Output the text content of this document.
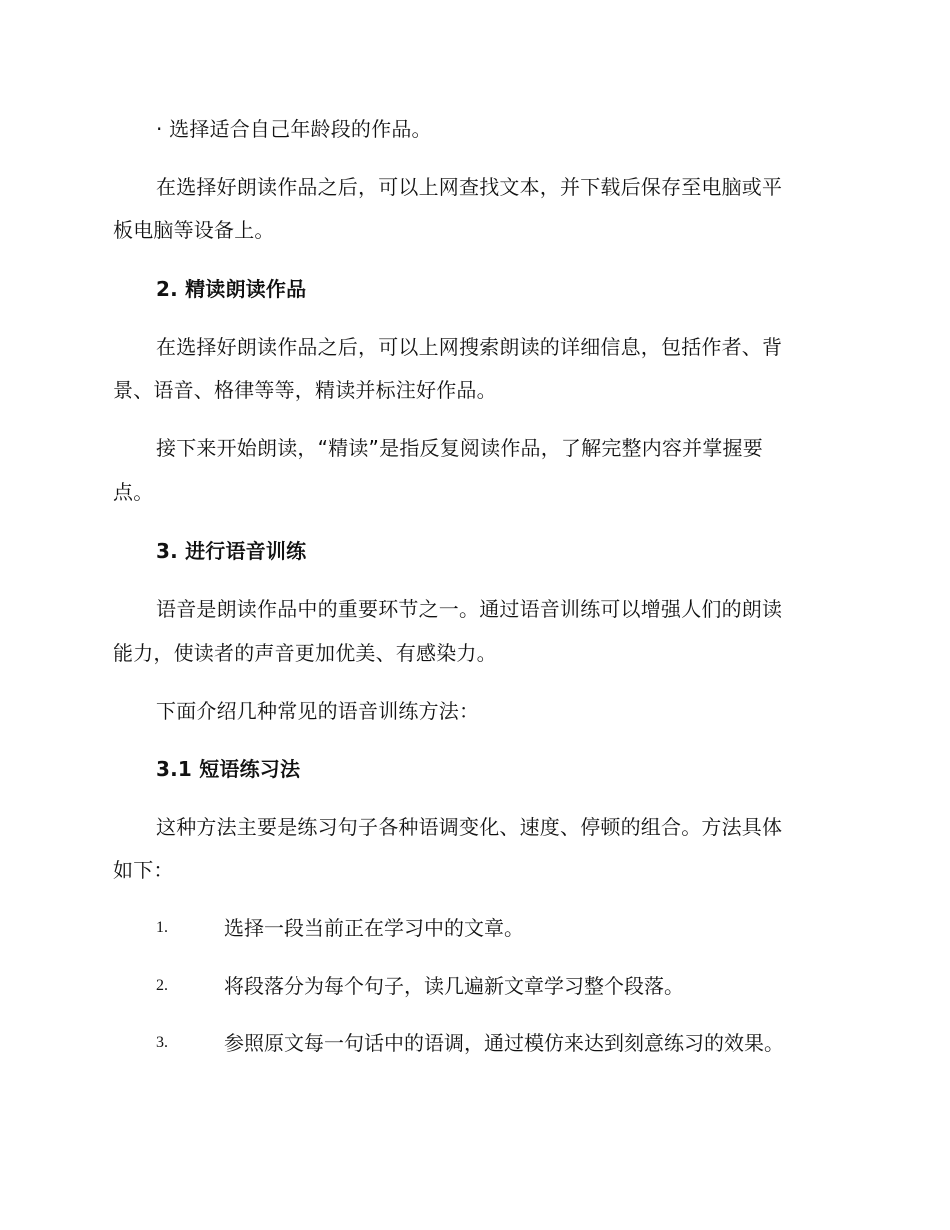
· 选择适合自己年龄段的作品。
在选择好朗读作品之后，可以上网查找文本，并下载后保存至电脑或平
板电脑等设备上。
2. 精读朗读作品
在选择好朗读作品之后，可以上网搜索朗读的详细信息，包括作者、背
景、语音、格律等等，精读并标注好作品。
接下来开始朗读，“精读”是指反复阅读作品，了解完整内容并掌握要
点。
3. 进行语音训练
语音是朗读作品中的重要环节之一。通过语音训练可以增强人们的朗读
能力，使读者的声音更加优美、有感染力。
下面介绍几种常见的语音训练方法：
3.1 短语练习法
这种方法主要是练习句子各种语调变化、速度、停顿的组合。方法具体
如下：
1.	选择一段当前正在学习中的文章。
2.	将段落分为每个句子，读几遍新文章学习整个段落。
3.	参照原文每一句话中的语调，通过模仿来达到刻意练习的效果。
